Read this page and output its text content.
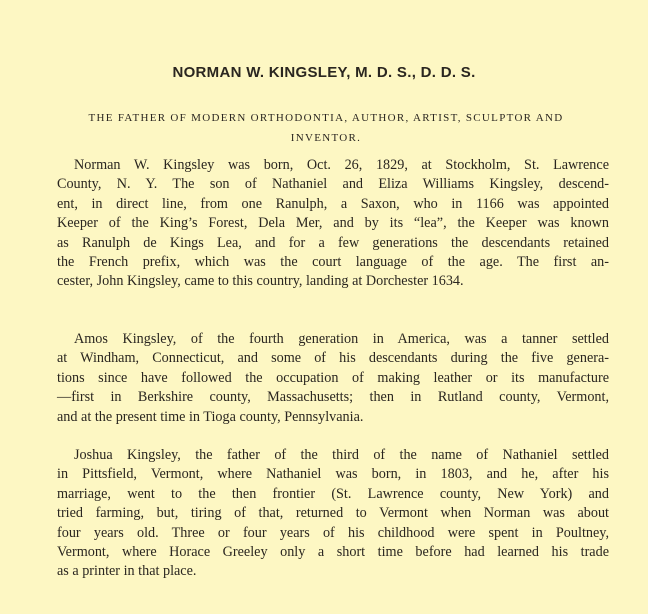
NORMAN W. KINGSLEY, M. D. S., D. D. S.
THE FATHER OF MODERN ORTHODONTIA, AUTHOR, ARTIST, SCULPTOR AND
INVENTOR.
Norman W. Kingsley was born, Oct. 26, 1829, at Stockholm, St. Lawrence
County, N. Y. The son of Nathaniel and Eliza Williams Kingsley, descend-
ent, in direct line, from one Ranulph, a Saxon, who in 1166 was appointed
Keeper of the King’s Forest, Dela Mer, and by its “lea”, the Keeper was known
as Ranulph de Kings Lea, and for a few generations the descendants retained
the French prefix, which was the court language of the age. The first an-
cester, John Kingsley, came to this country, landing at Dorchester 1634.
Amos Kingsley, of the fourth generation in America, was a tanner settled
at Windham, Connecticut, and some of his descendants during the five genera-
tions since have followed the occupation of making leather or its manufacture
—first in Berkshire county, Massachusetts; then in Rutland county, Vermont,
and at the present time in Tioga county, Pennsylvania.
Joshua Kingsley, the father of the third of the name of Nathaniel settled
in Pittsfield, Vermont, where Nathaniel was born, in 1803, and he, after his
marriage, went to the then frontier (St. Lawrence county, New York) and
tried farming, but, tiring of that, returned to Vermont when Norman was about
four years old. Three or four years of his childhood were spent in Poultney,
Vermont, where Horace Greeley only a short time before had learned his trade
as a printer in that place.
